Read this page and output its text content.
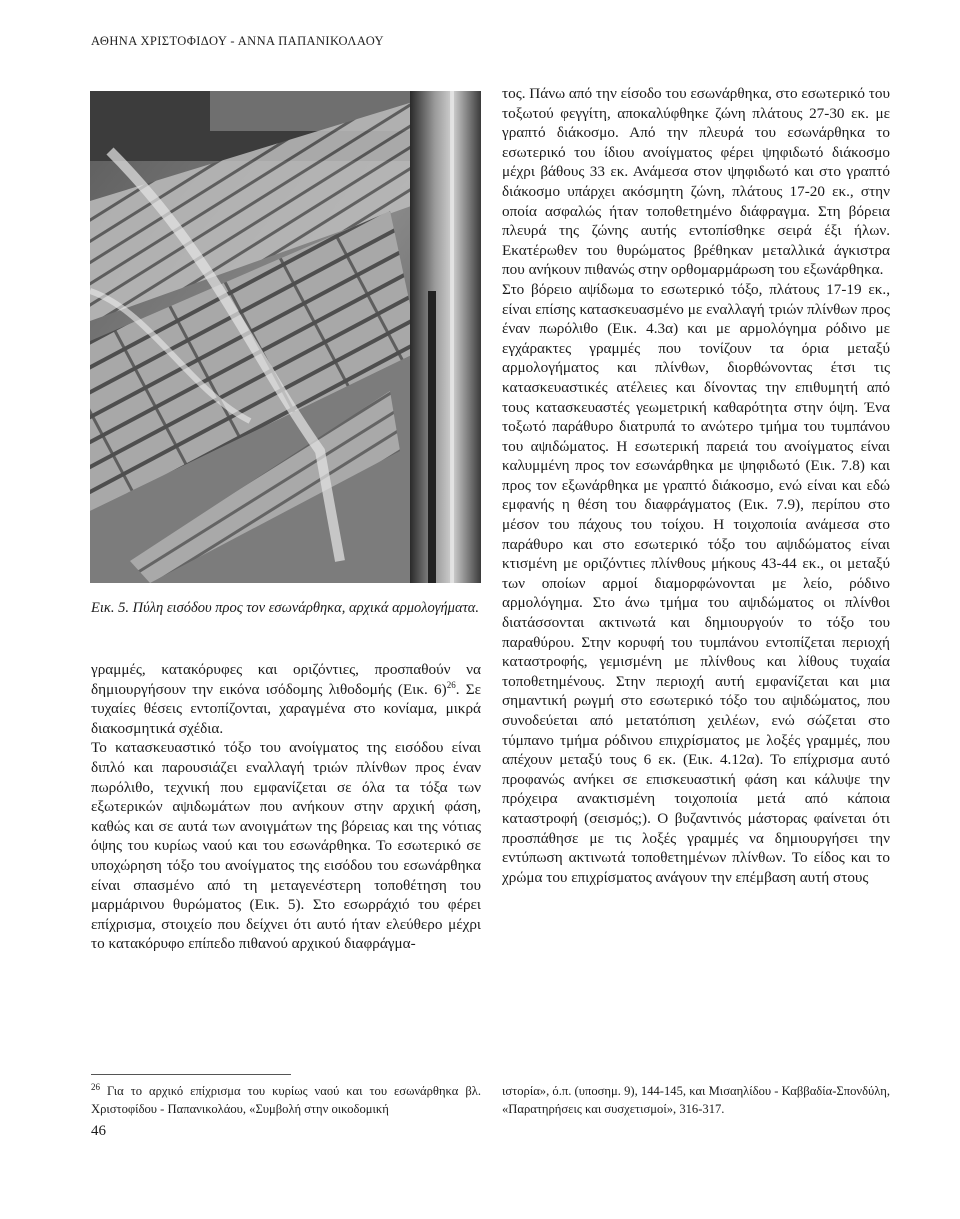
ΑΘΗΝΑ ΧΡΙΣΤΟΦΙΔΟΥ - ΑΝΝΑ ΠΑΠΑΝΙΚΟΛΑΟΥ
Εικ. 5. Πύλη εισόδου προς τον εσωνάρθηκα, αρχικά αρμολογήματα.

γραμμές, κατακόρυφες και οριζόντιες, προσπαθούν να δημιουργήσουν την εικόνα ισόδομης λιθοδομής (Εικ. 6)$^{26}$. Σε τυχαίες θέσεις εντοπίζονται, χαραγμένα στο κονίαμα, μικρά διακοσμητικά σχέδια.

Το κατασκευαστικό τόξο του ανοίγματος της εισόδου είναι διπλό και παρουσιάζει εναλλαγή τριών πλίνθων προς έναν πωρόλιθο, τεχνική που εμφανίζεται σε όλα τα τόξα των εξωτερικών αψιδωμάτων που ανήκουν στην αρχική φάση, καθώς και σε αυτά των ανοιγμάτων της βόρειας και της νότιας όψης του κυρίως ναού και του εσωνάρθηκα. Το εσωτερικό σε υποχώρηση τόξο του ανοίγματος της εισόδου του εσωνάρθηκα είναι σπασμένο από τη μεταγενέστερη τοποθέτηση του μαρμάρινου θυρώματος (Εικ. 5). Στο εσωρράχιό του φέρει επίχρισμα, στοιχείο που δείχνει ότι αυτό ήταν ελεύθερο μέχρι το κατακόρυφο επίπεδο πιθανού αρχικού διαφράγμα-

τος. Πάνω από την είσοδο του εσωνάρθηκα, στο εσωτερικό του τοξωτού φεγγίτη, αποκαλύφθηκε ζώνη πλάτους 27-30 εκ. με γραπτό διάκοσμο. Από την πλευρά του εσωνάρθηκα το εσωτερικό του ίδιου ανοίγματος φέρει ψηφιδωτό διάκοσμο μέχρι βάθους 33 εκ. Ανάμεσα στον ψηφιδωτό και στο γραπτό διάκοσμο υπάρχει ακόσμητη ζώνη, πλάτους 17-20 εκ., στην οποία ασφαλώς ήταν τοποθετημένο διάφραγμα. Στη βόρεια πλευρά της ζώνης αυτής εντοπίσθηκε σειρά έξι ήλων. Εκατέρωθεν του θυρώματος βρέθηκαν μεταλλικά άγκιστρα που ανήκουν πιθανώς στην ορθομαρμάρωση του εξωνάρθηκα.

Στο βόρειο αψίδωμα το εσωτερικό τόξο, πλάτους 17-19 εκ., είναι επίσης κατασκευασμένο με εναλλαγή τριών πλίνθων προς έναν πωρόλιθο (Εικ. 4.3α) και με αρμολόγημα ρόδινο με εγχάρακτες γραμμές που τονίζουν τα όρια μεταξύ αρμολογήματος και πλίνθων, διορθώνοντας έτσι τις κατασκευαστικές ατέλειες και δίνοντας την επιθυμητή από τους κατασκευαστές γεωμετρική καθαρότητα στην όψη. Ένα τοξωτό παράθυρο διατρυπά το ανώτερο τμήμα του τυμπάνου του αψιδώματος. Η εσωτερική παρειά του ανοίγματος είναι καλυμμένη προς τον εσωνάρθηκα με ψηφιδωτό (Εικ. 7.8) και προς τον εξωνάρθηκα με γραπτό διάκοσμο, ενώ είναι και εδώ εμφανής η θέση του διαφράγματος (Εικ. 7.9), περίπου στο μέσον του πάχους του τοίχου. Η τοιχοποιία ανάμεσα στο παράθυρο και στο εσωτερικό τόξο του αψιδώματος είναι κτισμένη με οριζόντιες πλίνθους μήκους 43-44 εκ., οι μεταξύ των οποίων αρμοί διαμορφώνονται με λείο, ρόδινο αρμολόγημα. Στο άνω τμήμα του αψιδώματος οι πλίνθοι διατάσσονται ακτινωτά και δημιουργούν το τόξο του παραθύρου. Στην κορυφή του τυμπάνου εντοπίζεται περιοχή καταστροφής, γεμισμένη με πλίνθους και λίθους τυχαία τοποθετημένους. Στην περιοχή αυτή εμφανίζεται και μια σημαντική ρωγμή στο εσωτερικό τόξο του αψιδώματος, που συνοδεύεται από μετατόπιση χειλέων, ενώ σώζεται στο τύμπανο τμήμα ρόδινου επιχρίσματος με λοξές γραμμές, που απέχουν μεταξύ τους 6 εκ. (Εικ. 4.12α). Το επίχρισμα αυτό προφανώς ανήκει σε επισκευαστική φάση και κάλυψε την πρόχειρα ανακτισμένη τοιχοποιία μετά από κάποια καταστροφή (σεισμός;). Ο βυζαντινός μάστορας φαίνεται ότι προσπάθησε με τις λοξές γραμμές να δημιουργήσει την εντύπωση ακτινωτά τοποθετημένων πλίνθων. Το είδος και το χρώμα του επιχρίσματος ανάγουν την επέμβαση αυτή στους

$^{26}$ Για το αρχικό επίχρισμα του κυρίως ναού και του εσωνάρθηκα βλ. Χριστοφίδου - Παπανικολάου, «Συμβολή στην οικοδομική
ιστορία», ό.π. (υποσημ. 9), 144-145, και Μισαηλίδου - Καββαδία-Σπονδύλη, «Παρατηρήσεις και συσχετισμοί», 316-317.
46
